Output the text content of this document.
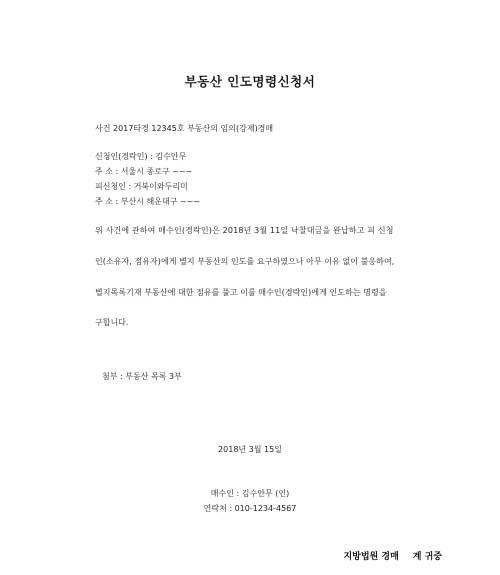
부동산 인도명령신청서
사건 2017타경 12345호 부동산의 임의(강제)경매
신청인(경락인) : 김수안무
주 소 : 서울시 종로구 ~~~
피신청인 : 거북이와두리미
주 소 : 부산시 해운대구 ~~~
위 사건에 관하여 매수인(경락인)은 2018년 3월 11일 낙찰대금을 완납하고 피 신청
인(소유자, 점유자)에게 별지 부동산의 인도를 요구하였으나 아무 이유 없이 불응하여,
별지목록기재 부동산에 대한 점유를 풀고 이를 매수인(경락인)에게 인도하는 명령을
구합니다.
첨부 : 부동산 목록 3부
2018년 3월 15일
매수인 : 김수안무 (인)
연락처 : 010-1234-4567
지방법원 경매 계 귀중
